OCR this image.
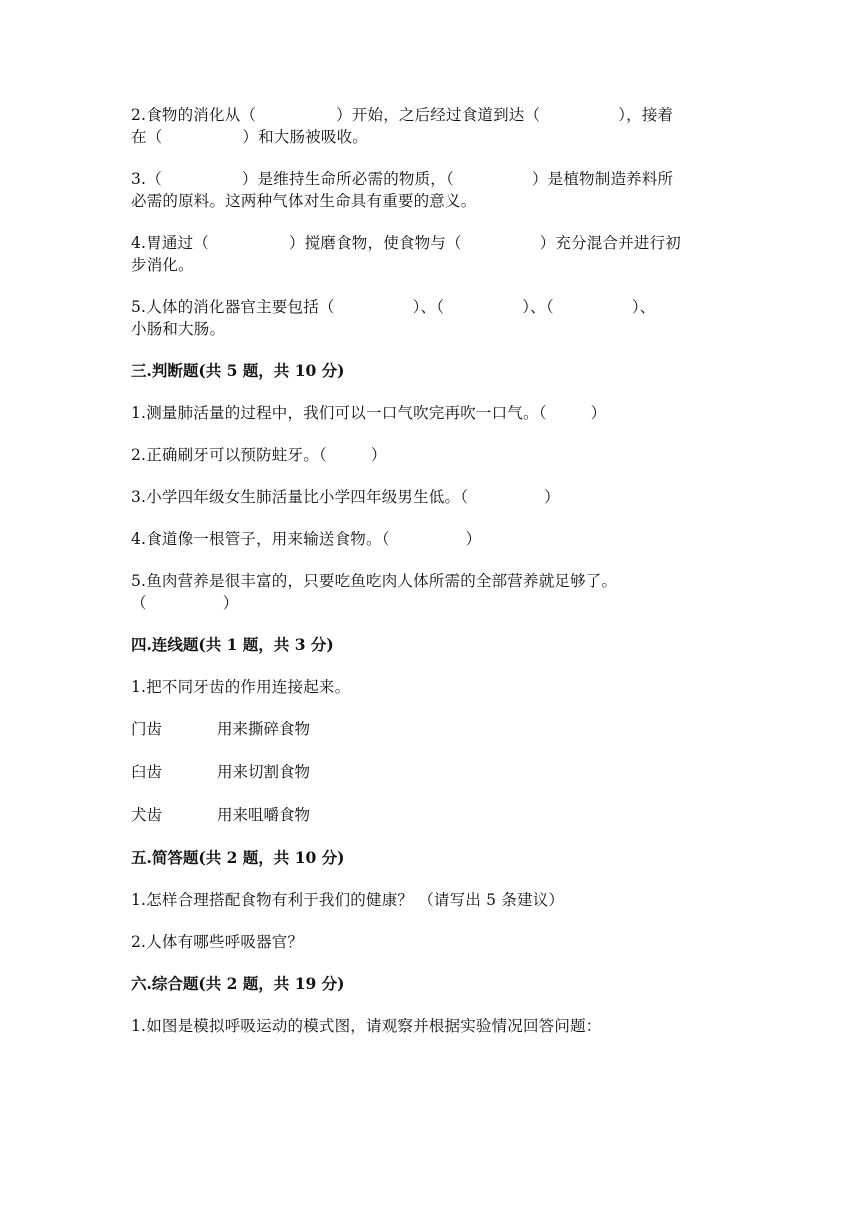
2.食物的消化从（	）开始，之后经过食道到达（	），接着
在（	）和大肠被吸收。
3.（	）是维持生命所必需的物质，（	）是植物制造养料所
必需的原料。这两种气体对生命具有重要的意义。
4.胃通过（	）搅磨食物，使食物与（	）充分混合并进行初
步消化。
5.人体的消化器官主要包括（	）、（	）、（	）、
小肠和大肠。
三.判断题(共 5 题，共 10 分)
1.测量肺活量的过程中，我们可以一口气吹完再吹一口气。（	）
2.正确刷牙可以预防蛀牙。（	）
3.小学四年级女生肺活量比小学四年级男生低。（	）
4.食道像一根管子，用来输送食物。（	）
5.鱼肉营养是很丰富的，只要吃鱼吃肉人体所需的全部营养就足够了。
（	）
四.连线题(共 1 题，共 3 分)
1.把不同牙齿的作用连接起来。
门齿	用来撕碎食物
臼齿	用来切割食物
犬齿	用来咀嚼食物
五.简答题(共 2 题，共 10 分)
1.怎样合理搭配食物有利于我们的健康？ （请写出 5 条建议）
2.人体有哪些呼吸器官？
六.综合题(共 2 题，共 19 分)
1.如图是模拟呼吸运动的模式图，请观察并根据实验情况回答问题：
